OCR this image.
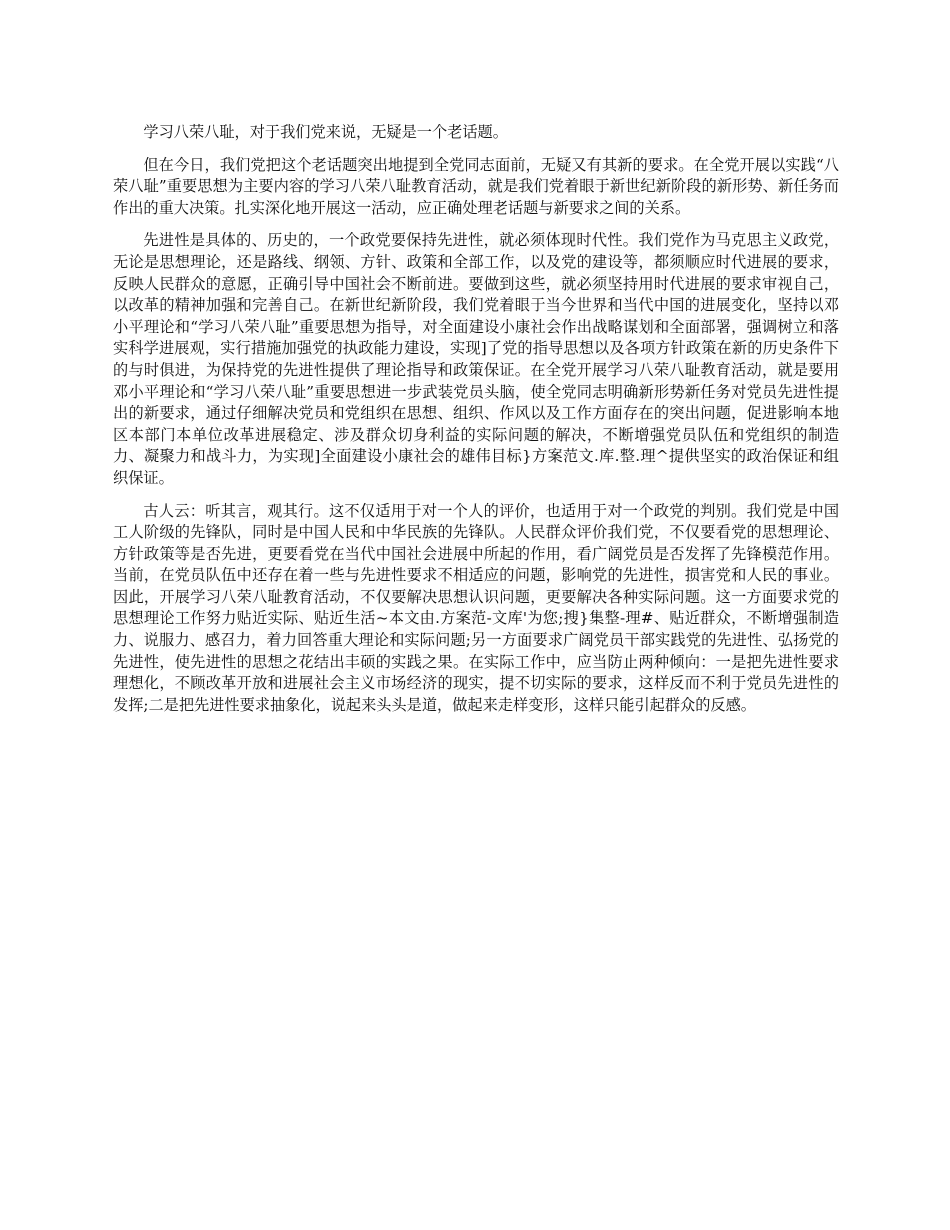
学习八荣八耻，对于我们党来说，无疑是一个老话题。

但在今日，我们党把这个老话题突出地提到全党同志面前，无疑又有其新的要求。在全党开展以实践“八荣八耻”重要思想为主要内容的学习八荣八耻教育活动，就是我们党着眼于新世纪新阶段的新形势、新任务而作出的重大决策。扎实深化地开展这一活动，应正确处理老话题与新要求之间的关系。

先进性是具体的、历史的，一个政党要保持先进性，就必须体现时代性。我们党作为马克思主义政党，无论是思想理论，还是路线、纲领、方针、政策和全部工作，以及党的建设等，都须顺应时代进展的要求，反映人民群众的意愿，正确引导中国社会不断前进。要做到这些，就必须坚持用时代进展的要求审视自己，以改革的精神加强和完善自己。在新世纪新阶段，我们党着眼于当今世界和当代中国的进展变化，坚持以邓小平理论和“学习八荣八耻”重要思想为指导，对全面建设小康社会作出战略谋划和全面部署，强调树立和落实科学进展观，实行措施加强党的执政能力建设，实现]了党的指导思想以及各项方针政策在新的历史条件下的与时俱进，为保持党的先进性提供了理论指导和政策保证。在全党开展学习八荣八耻教育活动，就是要用邓小平理论和“学习八荣八耻”重要思想进一步武装党员头脑，使全党同志明确新形势新任务对党员先进性提出的新要求，通过仔细解决党员和党组织在思想、组织、作风以及工作方面存在的突出问题，促进影响本地区本部门本单位改革进展稳定、涉及群众切身利益的实际问题的解决，不断增强党员队伍和党组织的制造力、凝聚力和战斗力，为实现]全面建设小康社会的雄伟目标}方案范文.库.整.理^提供坚实的政治保证和组织保证。

古人云：听其言，观其行。这不仅适用于对一个人的评价，也适用于对一个政党的判别。我们党是中国工人阶级的先锋队，同时是中国人民和中华民族的先锋队。人民群众评价我们党，不仅要看党的思想理论、方针政策等是否先进，更要看党在当代中国社会进展中所起的作用，看广阔党员是否发挥了先锋模范作用。当前，在党员队伍中还存在着一些与先进性要求不相适应的问题，影响党的先进性，损害党和人民的事业。因此，开展学习八荣八耻教育活动，不仅要解决思想认识问题，更要解决各种实际问题。这一方面要求党的思想理论工作努力贴近实际、贴近生活~本文由.方案范-文库'为您;搜}集整-理#、贴近群众，不断增强制造力、说服力、感召力，着力回答重大理论和实际问题;另一方面要求广阔党员干部实践党的先进性、弘扬党的先进性，使先进性的思想之花结出丰硕的实践之果。在实际工作中，应当防止两种倾向：一是把先进性要求理想化，不顾改革开放和进展社会主义市场经济的现实，提不切实际的要求，这样反而不利于党员先进性的发挥;二是把先进性要求抽象化，说起来头头是道，做起来走样变形，这样只能引起群众的反感。
